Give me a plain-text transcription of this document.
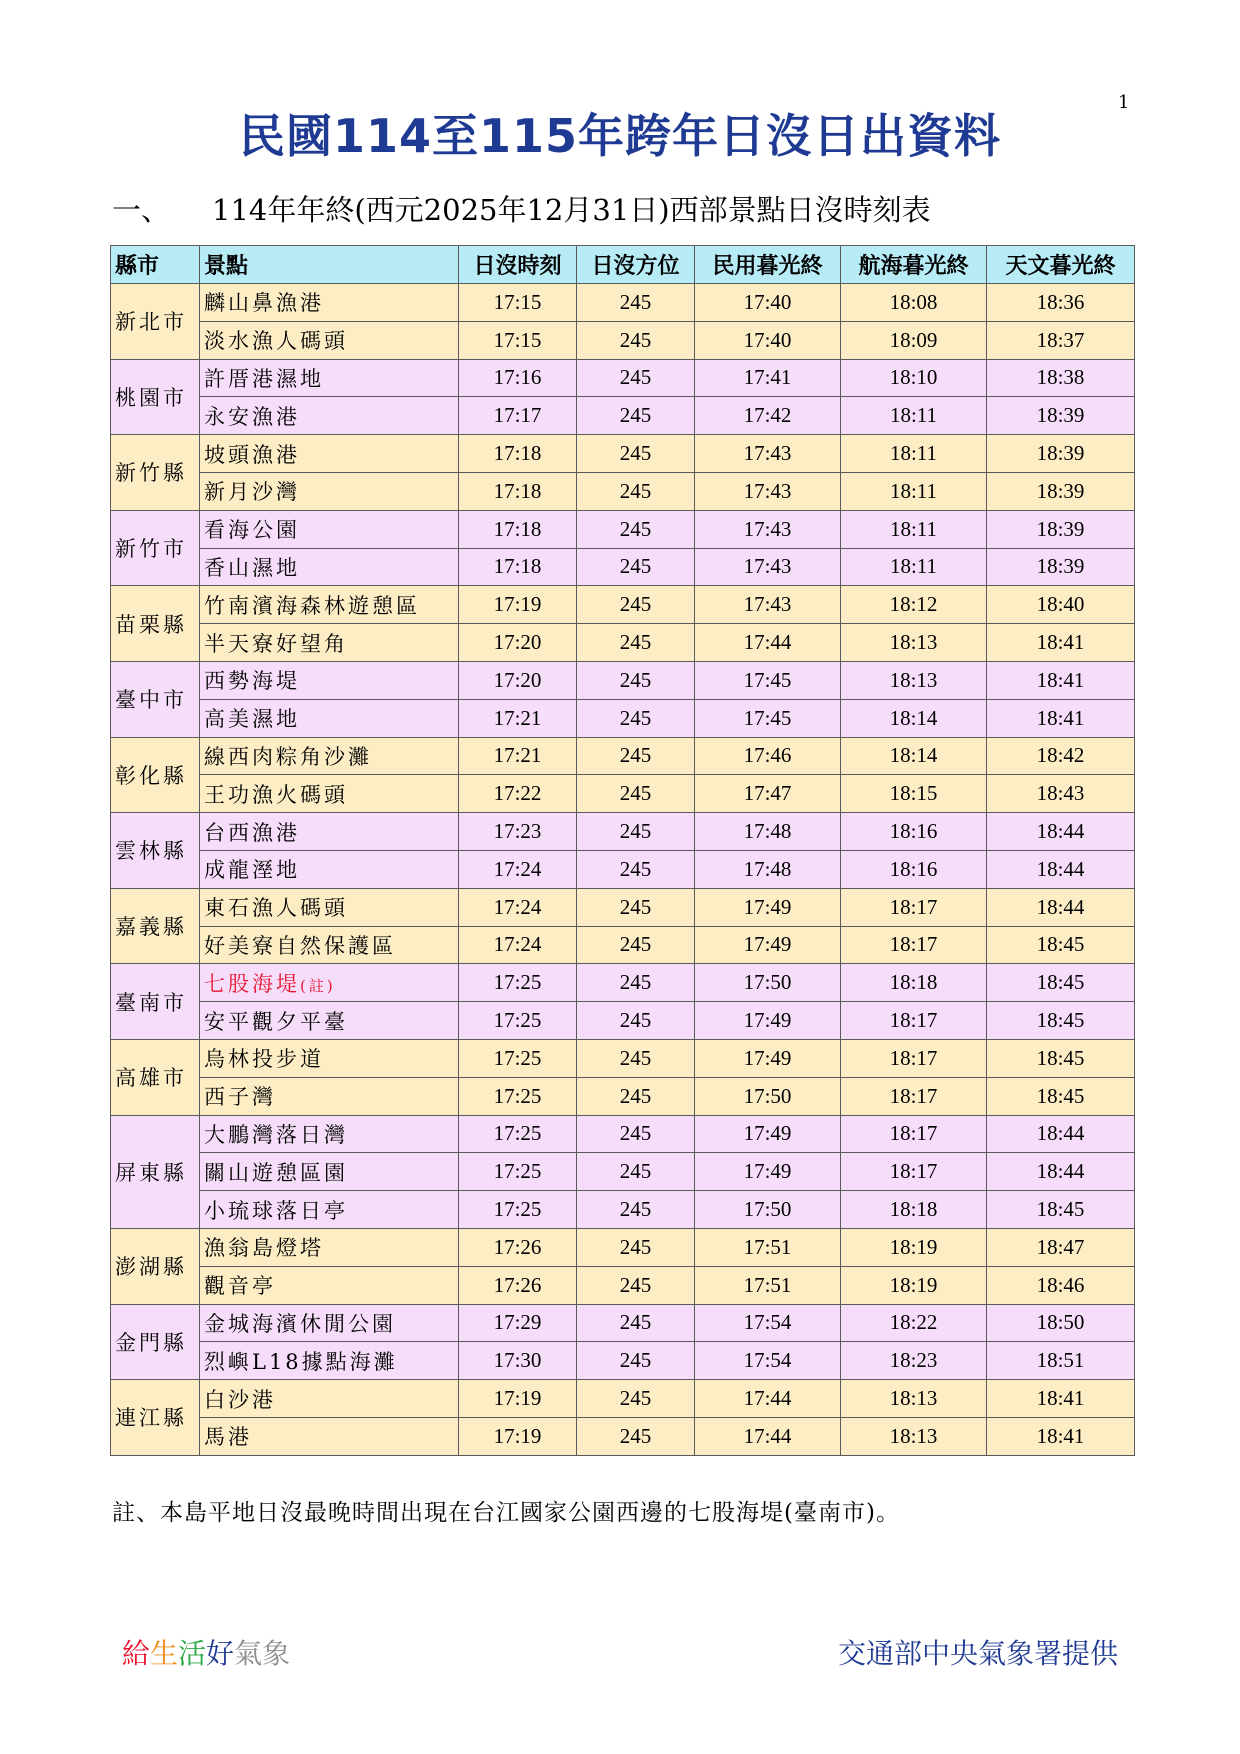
1
民國114至115年跨年日沒日出資料
一、 114年年終(西元2025年12月31日)西部景點日沒時刻表
縣市	景點	日沒時刻	日沒方位	民用暮光終	航海暮光終	天文暮光終
新北市	麟山鼻漁港	17:15	245	17:40	18:08	18:36
	淡水漁人碼頭	17:15	245	17:40	18:09	18:37
桃園市	許厝港濕地	17:16	245	17:41	18:10	18:38
	永安漁港	17:17	245	17:42	18:11	18:39
新竹縣	坡頭漁港	17:18	245	17:43	18:11	18:39
	新月沙灣	17:18	245	17:43	18:11	18:39
新竹市	看海公園	17:18	245	17:43	18:11	18:39
	香山濕地	17:18	245	17:43	18:11	18:39
苗栗縣	竹南濱海森林遊憩區	17:19	245	17:43	18:12	18:40
	半天寮好望角	17:20	245	17:44	18:13	18:41
臺中市	西勢海堤	17:20	245	17:45	18:13	18:41
	高美濕地	17:21	245	17:45	18:14	18:41
彰化縣	線西肉粽角沙灘	17:21	245	17:46	18:14	18:42
	王功漁火碼頭	17:22	245	17:47	18:15	18:43
雲林縣	台西漁港	17:23	245	17:48	18:16	18:44
	成龍溼地	17:24	245	17:48	18:16	18:44
嘉義縣	東石漁人碼頭	17:24	245	17:49	18:17	18:44
	好美寮自然保護區	17:24	245	17:49	18:17	18:45
臺南市	七股海堤(註)	17:25	245	17:50	18:18	18:45
	安平觀夕平臺	17:25	245	17:49	18:17	18:45
高雄市	烏林投步道	17:25	245	17:49	18:17	18:45
	西子灣	17:25	245	17:50	18:17	18:45
屏東縣	大鵬灣落日灣	17:25	245	17:49	18:17	18:44
	關山遊憩區園	17:25	245	17:49	18:17	18:44
	小琉球落日亭	17:25	245	17:50	18:18	18:45
澎湖縣	漁翁島燈塔	17:26	245	17:51	18:19	18:47
	觀音亭	17:26	245	17:51	18:19	18:46
金門縣	金城海濱休閒公園	17:29	245	17:54	18:22	18:50
	烈嶼L18據點海灘	17:30	245	17:54	18:23	18:51
連江縣	白沙港	17:19	245	17:44	18:13	18:41
	馬港	17:19	245	17:44	18:13	18:41
註、本島平地日沒最晚時間出現在台江國家公園西邊的七股海堤(臺南市)。
給生活好氣象	交通部中央氣象署提供
